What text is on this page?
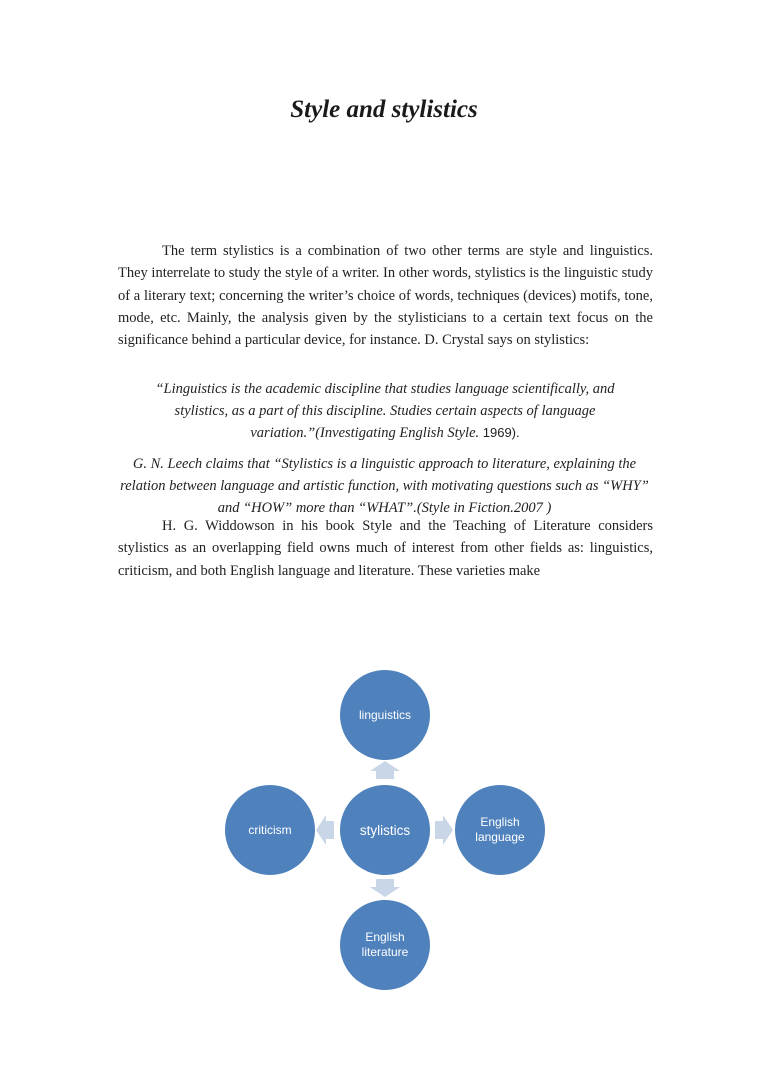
Style and stylistics

The term stylistics is a combination of two other terms are style and linguistics. They interrelate to study the style of a writer. In other words, stylistics is the linguistic study of a literary text; concerning the writer’s choice of words, techniques (devices) motifs, tone, mode, etc. Mainly, the analysis given by the stylisticians to a certain text focus on the significance behind a particular device, for instance. D. Crystal says on stylistics:

“Linguistics is the academic discipline that studies language scientifically, and stylistics, as a part of this discipline. Studies certain aspects of language variation.”(Investigating English Style. 1969).

G. N. Leech claims that “Stylistics is a linguistic approach to literature, explaining the relation between language and artistic function, with motivating questions such as “WHY” and “HOW” more than “WHAT”.(Style in Fiction.2007 )

H. G. Widdowson in his book Style and the Teaching of Literature considers stylistics as an overlapping field owns much of interest from other fields as: linguistics, criticism, and both English language and literature. These varieties make

linguistics
stylistics
criticism
English
language
English
literature
